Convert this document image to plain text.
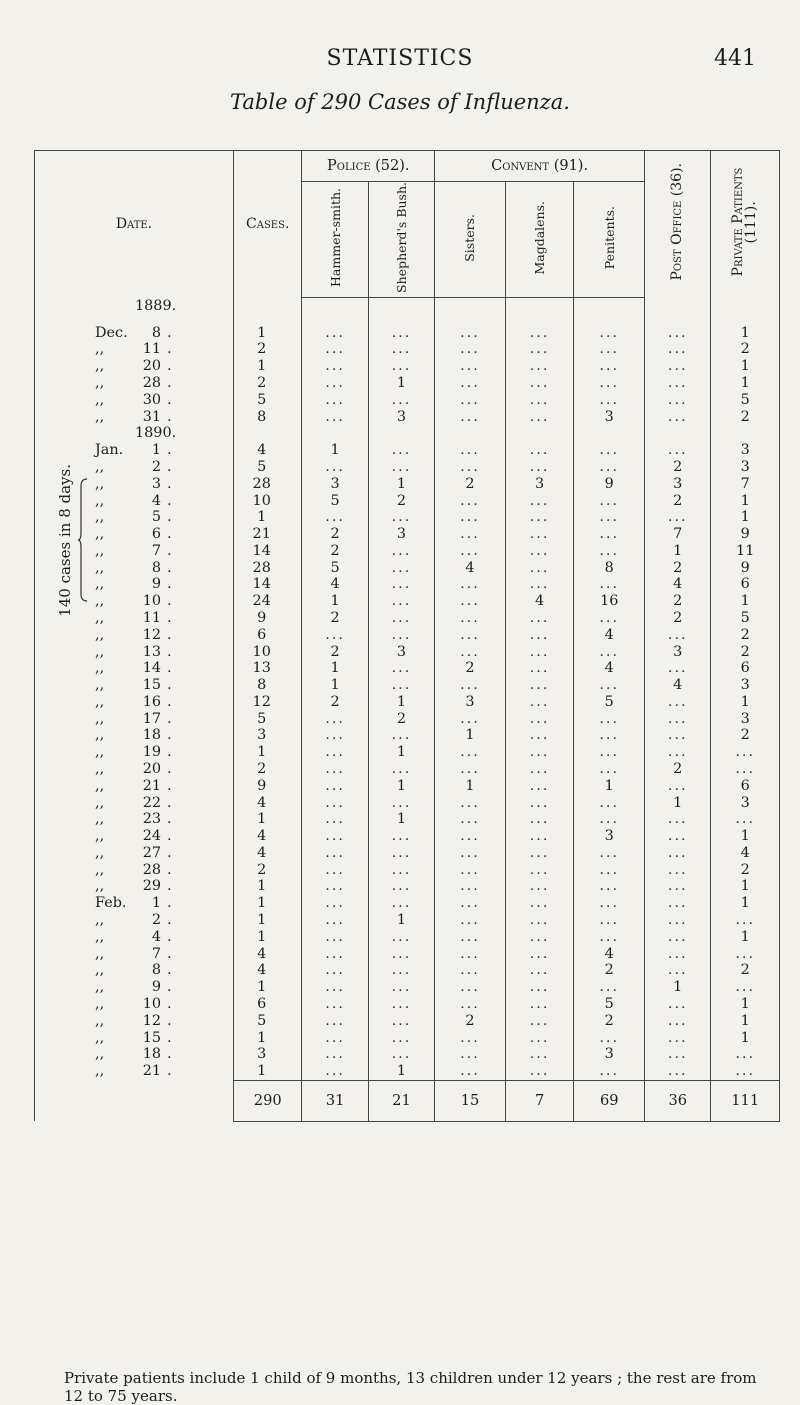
STATISTICS	441
Table of 290 Cases of Influenza.
Date.	Cases.	Police (52).		Convent (91).			Post Office (36).	Private Patients (111).
		Hammer-smith.	Shepherd's Bush.	Sisters.	Magdalens.	Penitents.		
1889.								
Dec. 8 .	1	...	...	...	...	...	...	1
,, 11 .	2	...	...	...	...	...	...	2
,, 20 .	1	...	...	...	...	...	...	1
,, 28 .	2	...	1	...	...	...	...	1
,, 30 .	5	...	...	...	...	...	...	5
,, 31 .	8	...	3	...	...	3	...	2
1890.								
Jan. 1 .	4	1	...	...	...	...	...	3
,, 2 .	5	...	...	...	...	...	2	3
,, 3 .	28	3	1	2	3	9	3	7
,, 4 .	10	5	2	...	...	...	2	1
,, 5 .	1	...	...	...	...	...	...	1
,, 6 .	21	2	3	...	...	...	7	9
,, 7 .	14	2	...	...	...	...	1	11
,, 8 .	28	5	...	4	...	8	2	9
,, 9 .	14	4	...	...	...	...	4	6
,, 10 .	24	1	...	...	4	16	2	1
,, 11 .	9	2	...	...	...	...	2	5
,, 12 .	6	...	...	...	...	4	...	2
,, 13 .	10	2	3	...	...	...	3	2
,, 14 .	13	1	...	2	...	4	...	6
,, 15 .	8	1	...	...	...	...	4	3
,, 16 .	12	2	1	3	...	5	...	1
,, 17 .	5	...	2	...	...	...	...	3
,, 18 .	3	...	...	1	...	...	...	2
,, 19 .	1	...	1	...	...	...	...	...
,, 20 .	2	...	...	...	...	...	2	...
,, 21 .	9	...	1	1	...	1	...	6
,, 22 .	4	...	...	...	...	...	1	3
,, 23 .	1	...	1	...	...	...	...	...
,, 24 .	4	...	...	...	...	3	...	1
,, 27 .	4	...	...	...	...	...	...	4
,, 28 .	2	...	...	...	...	...	...	2
,, 29 .	1	...	...	...	...	...	...	1
Feb. 1 .	1	...	...	...	...	...	...	1
,, 2 .	1	...	1	...	...	...	...	...
,, 4 .	1	...	...	...	...	...	...	1
,, 7 .	4	...	...	...	...	4	...	...
,, 8 .	4	...	...	...	...	2	...	2
,, 9 .	1	...	...	...	...	...	1	...
,, 10 .	6	...	...	...	...	5	...	1
,, 12 .	5	...	...	2	...	2	...	1
,, 15 .	1	...	...	...	...	...	...	1
,, 18 .	3	...	...	...	...	3	...	...
,, 21 .	1	...	1	...	...	...	...	...
	290	31	21	15	7	69	36	111
140 cases in 8 days.
Private patients include 1 child of 9 months, 13 children under 12 years ; the rest are from 12 to 75 years.
